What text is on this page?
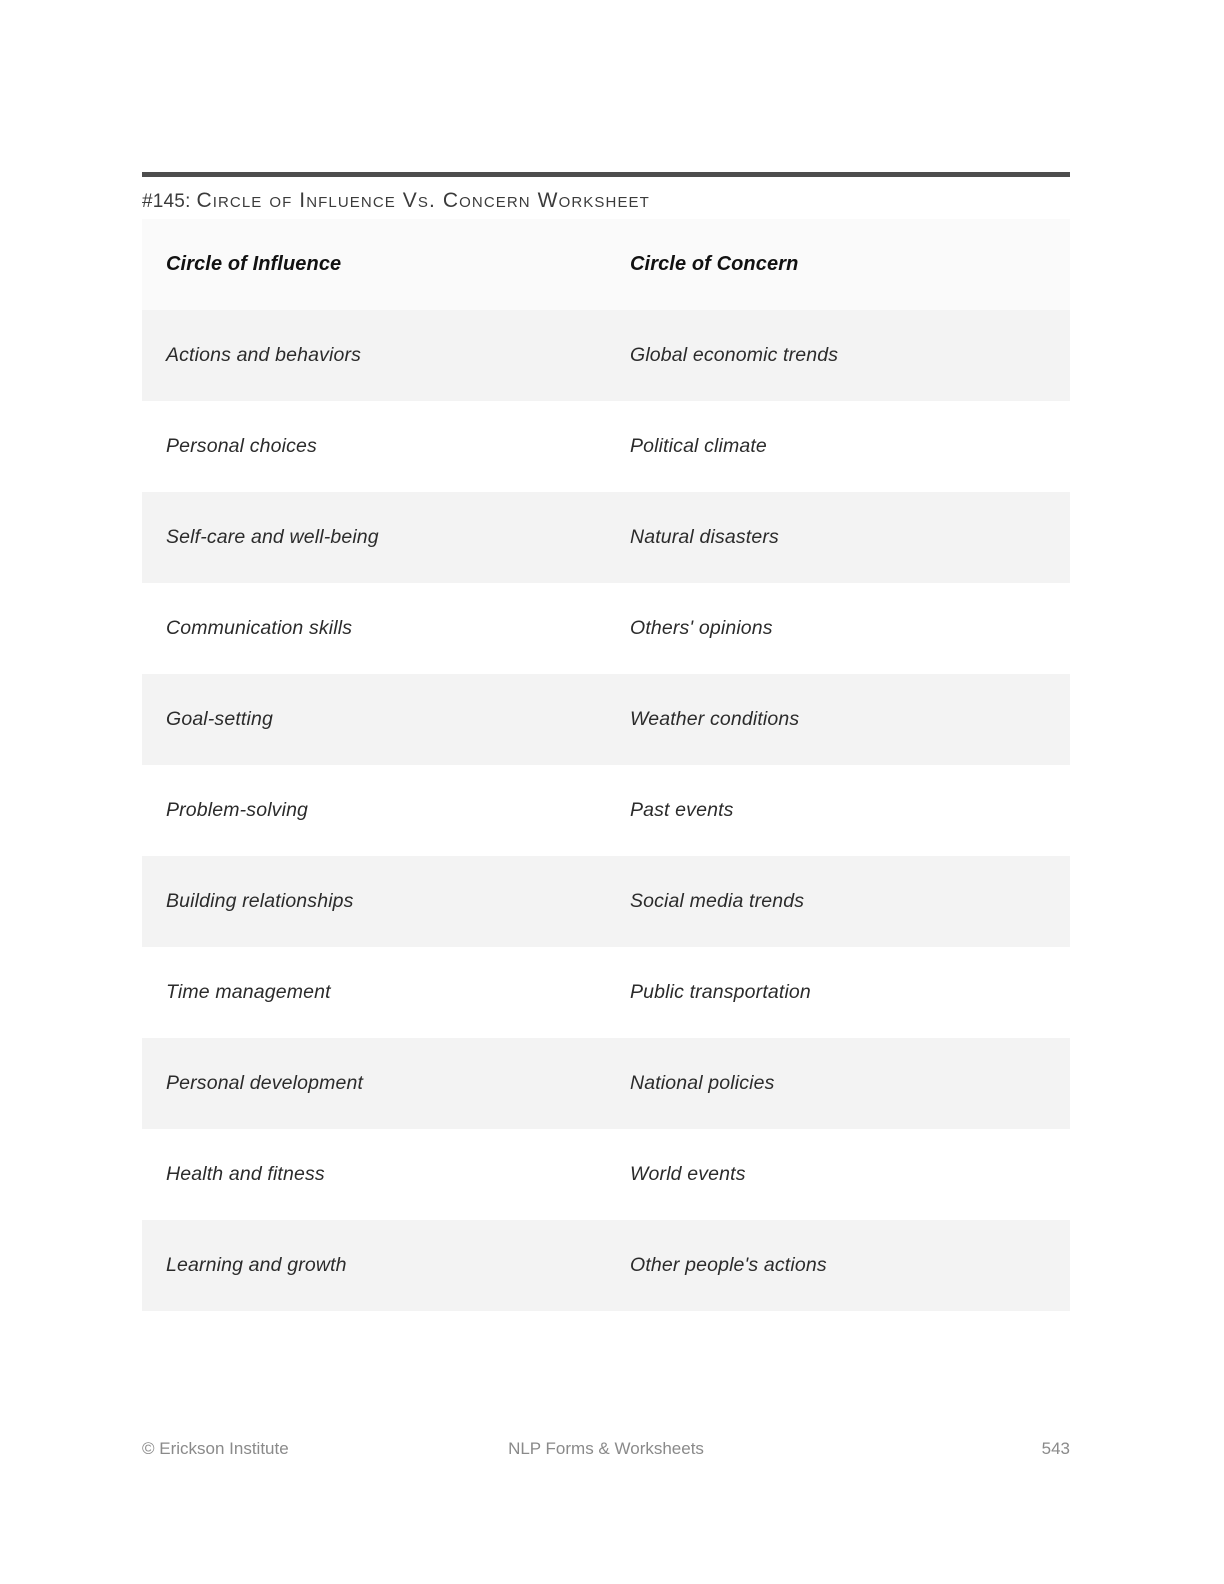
#145: Circle of Influence Vs. Concern Worksheet
Circle of Influence	Circle of Concern
Actions and behaviors	Global economic trends
Personal choices	Political climate
Self-care and well-being	Natural disasters
Communication skills	Others' opinions
Goal-setting	Weather conditions
Problem-solving	Past events
Building relationships	Social media trends
Time management	Public transportation
Personal development	National policies
Health and fitness	World events
Learning and growth	Other people's actions
© Erickson Institute	NLP Forms & Worksheets	543
